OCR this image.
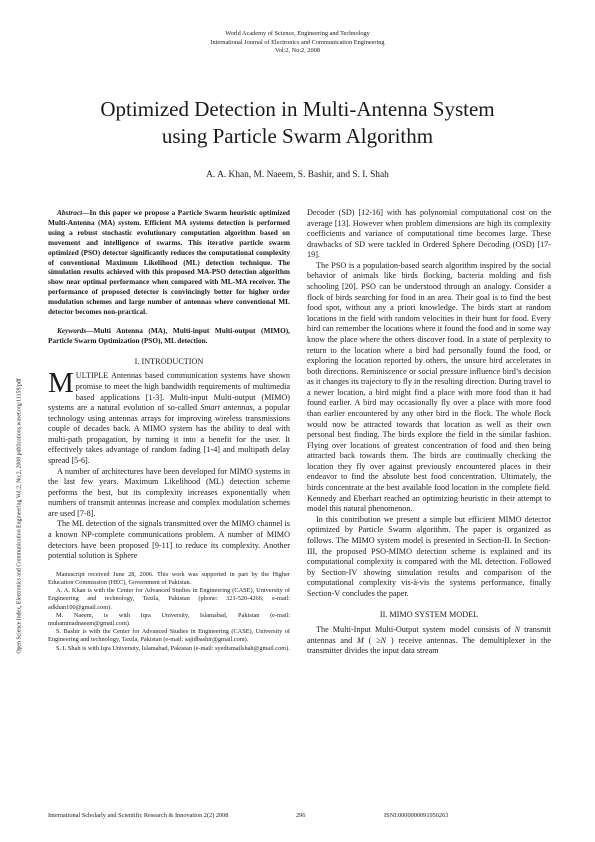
World Academy of Science, Engineering and Technology
International Journal of Electronics and Communication Engineering
Vol:2, No:2, 2008
Optimized Detection in Multi-Antenna System
using Particle Swarm Algorithm
A. A. Khan, M. Naeem, S. Bashir, and S. I. Shah
Open Science Index, Electronics and Communication Engineering Vol:2, No:2, 2008 publications.waset.org/11159/pdf

Abstract—In this paper we propose a Particle Swarm heuristic optimized Multi-Antenna (MA) system. Efficient MA systems detection is performed using a robust stochastic evolutionary computation algorithm based on movement and intelligence of swarms. This iterative particle swarm optimized (PSO) detector significantly reduces the computational complexity of conventional Maximum Likelihood (ML) detection technique. The simulation results achieved with this proposed MA-PSO detection algorithm show near optimal performance when compared with ML-MA receiver. The performance of proposed detector is convincingly better for higher order modulation schemes and large number of antennas where conventional ML detector becomes non-practical.

Keywords—Multi Antenna (MA), Multi-input Multi-output (MIMO), Particle Swarm Optimization (PSO), ML detection.

I. INTRODUCTION

MULTIPLE Antennas based communication systems have shown promise to meet the high bandwidth requirements of multimedia based applications [1-3]. Multi-input Multi-output (MIMO) systems are a natural evolution of so-called Smart antennas, a popular technology using antennas arrays for improving wireless transmissions couple of decades back. A MIMO system has the ability to deal with multi-path propagation, by turning it into a benefit for the user. It effectively takes advantage of random fading [1-4] and multipath delay spread [5-6].

A number of architectures have been developed for MIMO systems in the last few years. Maximum Likelihood (ML) detection scheme performs the best, but its complexity increases exponentially when numbers of transmit antennas increase and complex modulation schemes are used [7-8].

The ML detection of the signals transmitted over the MIMO channel is a known NP-complete communications problem. A number of MIMO detectors have been proposed [9-11] to reduce its complexity. Another potential solution is Sphere

Manuscript received June 28, 2006. This work was supported in part by the Higher Education Commission (HEC), Government of Pakistan.

A. A. Khan is with the Center for Advanced Studies in Engineering (CASE), University of Engineering and technology, Taxila, Pakistan (phone: 321-520-4266; e-mail: adkhan100@gmail.com).

M. Naeem, is with Iqra University, Islamabad, Pakistan (e-mail: muhammadnaeem@gmail.com).

S. Bashir is with the Center for Advanced Studies in Engineering (CASE), University of Engineering and technology, Taxila, Pakistan (e-mail: sajidbashir@gmail.com).

S. I. Shah is with Iqra University, Islamabad, Pakistan (e-mail: syedismailshah@gmail.com).

Decoder (SD) [12-16] with has polynomial computational cost on the average [13]. However when problem dimensions are high its complexity coefficients and variance of computational time becomes large. These drawbacks of SD were tackled in Ordered Sphere Decoding (OSD) [17-19].

The PSO is a population-based search algorithm inspired by the social behavior of animals like birds flocking, bacteria molding and fish schooling [20]. PSO can be understood through an analogy. Consider a flock of birds searching for food in an area. Their goal is to find the best food spot, without any a priori knowledge. The birds start at random locations in the field with random velocities in their hunt for food. Every bird can remember the locations where it found the food and in some way know the place where the others discover food. In a state of perplexity to return to the location where a bird had personally found the food, or exploring the location reported by others, the unsure bird accelerates in both directions. Reminiscence or social pressure influence bird’s decision as it changes its trajectory to fly in the resulting direction. During travel to a newer location, a bird might find a place with more food than it had found earlier. A bird may occasionally fly over a place with more food than earlier encountered by any other bird in the flock. The whole flock would now be attracted towards that location as well as their own personal best finding. The birds explore the field in the similar fashion. Flying over locations of greatest concentration of food and then being attracted back towards them. The birds are continually checking the location they fly over against previously encountered places in their endeavor to find the absolute best food concentration. Ultimately, the birds concentrate at the best available food location in the complete field. Kennedy and Eberhart reached an optimizing heuristic in their attempt to model this natural phenomenon.

In this contribution we present a simple but efficient MIMO detector optimized by Particle Swarm algorithm. The paper is organized as follows. The MIMO system model is presented in Section-II. In Section-III, the proposed PSO-MIMO detection scheme is explained and its computational complexity is compared with the ML detection. Followed by Section-IV showing simulation results and comparison of the computational complexity vis-à-vis the systems performance, finally Section-V concludes the paper.

II. MIMO SYSTEM MODEL

The Multi-Input Multi-Output system model consists of N transmit antennas and M ( ≥N ) receive antennas. The demultiplexer in the transmitter divides the input data stream

International Scholarly and Scientific Research & Innovation 2(2) 2008	296	ISNI:0000000091950263
